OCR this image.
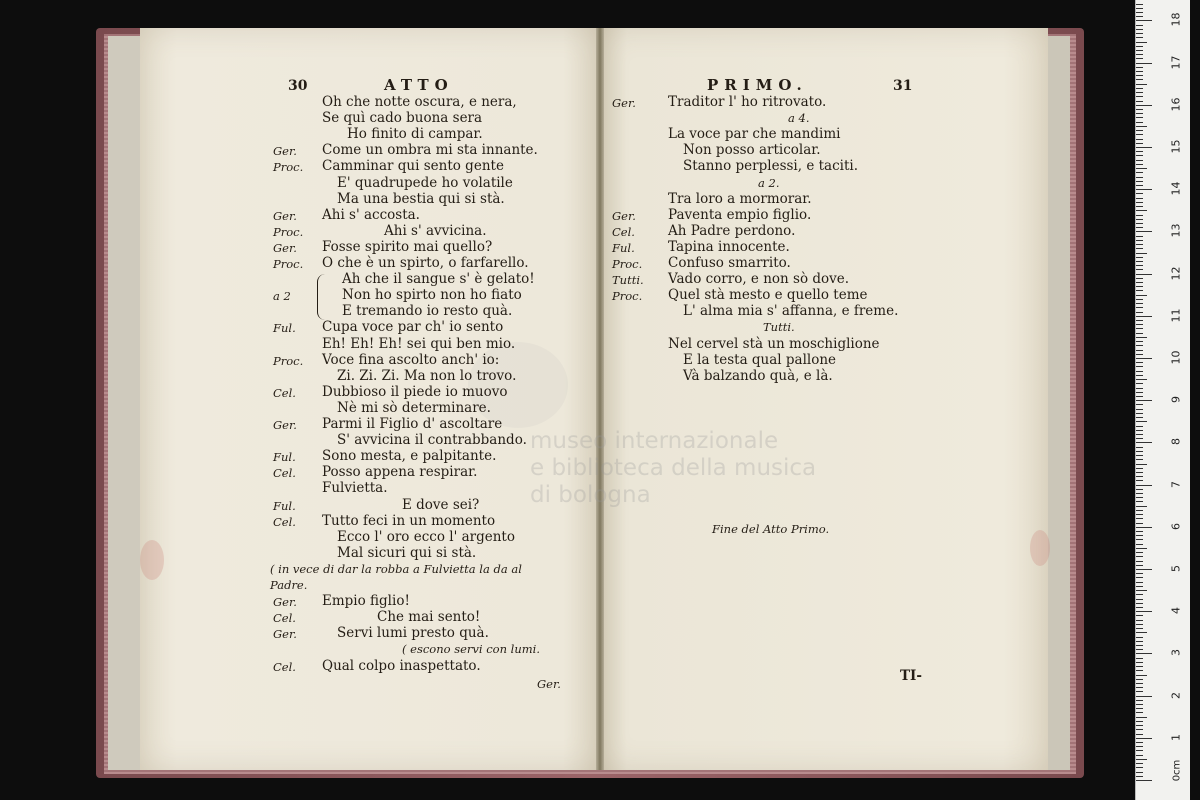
museo internazionale
e biblioteca della musica
di bologna
30	ATTO
Oh che notte oscura, e nera,
Se quì cado buona sera
Ho finito di campar.
Ger. Come un ombra mi sta innante.
Proc. Camminar qui sento gente
E' quadrupede ho volatile
Ma una bestia qui si stà.
Ger. Ahi s' accosta.
Proc.	Ahi s' avvicina.
Ger. Fosse spirito mai quello?
Proc. O che è un spirto, o farfarello.
Ah che il sangue s' è gelato!
a 2	Non ho spirto non ho fiato
E tremando io resto quà.
Ful. Cupa voce par ch' io sento
Eh! Eh! Eh! sei qui ben mio.
Proc. Voce fina ascolto anch' io:
Zi. Zi. Zi. Ma non lo trovo.
Cel. Dubbioso il piede io muovo
Nè mi sò determinare.
Ger. Parmi il Figlio d' ascoltare
S' avvicina il contrabbando.
Ful. Sono mesta, e palpitante.
Cel. Posso appena respirar.
Fulvietta.
Ful.	E dove sei?
Cel. Tutto feci in un momento
Ecco l' oro ecco l' argento
Mal sicuri qui si stà.
( in vece di dar la robba a Fulvietta la da al
Padre.
Ger. Empio figlio!
Cel.	Che mai sento!
Ger.	Servi lumi presto quà.
( escono servi con lumi.
Cel. Qual colpo inaspettato.
Ger.
PRIMO.	31
Ger. Traditor l' ho ritrovato.
a 4.
La voce par che mandimi
Non posso articolar.
Stanno perplessi, e taciti.
a 2.
Tra loro a mormorar.
Ger. Paventa empio figlio.
Cel. Ah Padre perdono.
Ful. Tapina innocente.
Proc. Confuso smarrito.
Tutti. Vado corro, e non sò dove.
Proc. Quel stà mesto e quello teme
L' alma mia s' affanna, e freme.
Tutti.
Nel cervel stà un moschiglione
E la testa qual pallone
Và balzando quà, e là.
Fine del Atto Primo.
TI-
1
2
3
4
5
6
7
8
9
10
11
12
13
14
15
16
17
18
0cm
